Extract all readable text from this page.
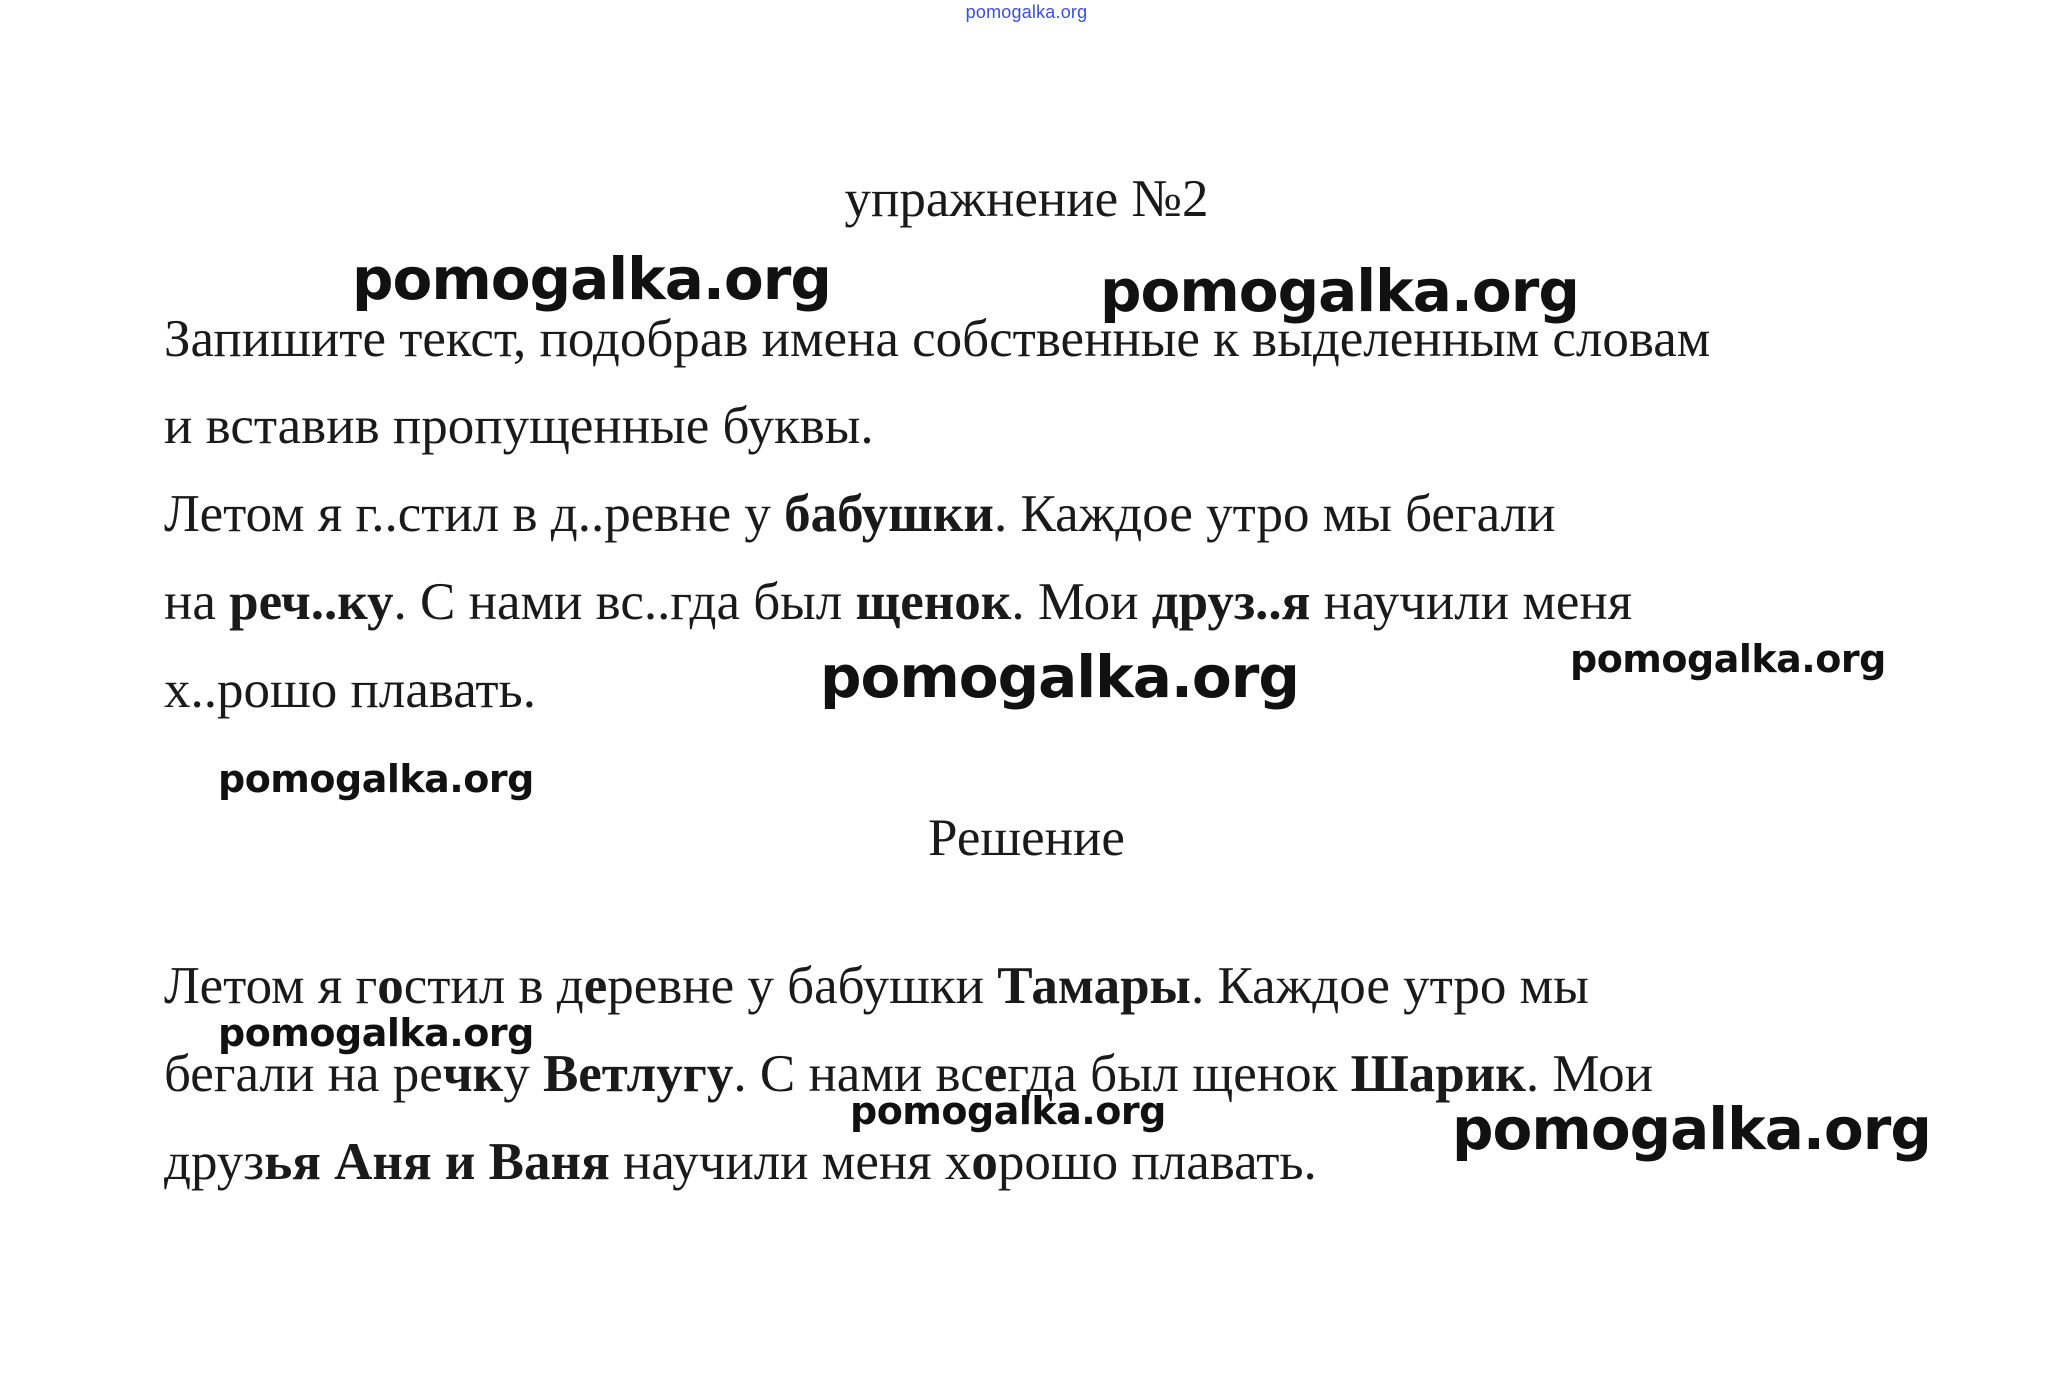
pomogalka.org
упражнение №2
Запишите текст, подобрав имена собственные к выделенным словам
и вставив пропущенные буквы.
Летом я г..стил в д..ревне у бабушки. Каждое утро мы бегали
на реч..ку. С нами вс..гда был щенок. Мои друз..я научили меня
х..рошо плавать.
Решение
Летом я гостил в деревне у бабушки Тамары. Каждое утро мы
бегали на речку Ветлугу. С нами всегда был щенок Шарик. Мои
друзья Аня и Ваня научили меня хорошо плавать.
pomogalka.org	pomogalka.org
pomogalka.org	pomogalka.org
pomogalka.org
pomogalka.org
pomogalka.org	pomogalka.org
